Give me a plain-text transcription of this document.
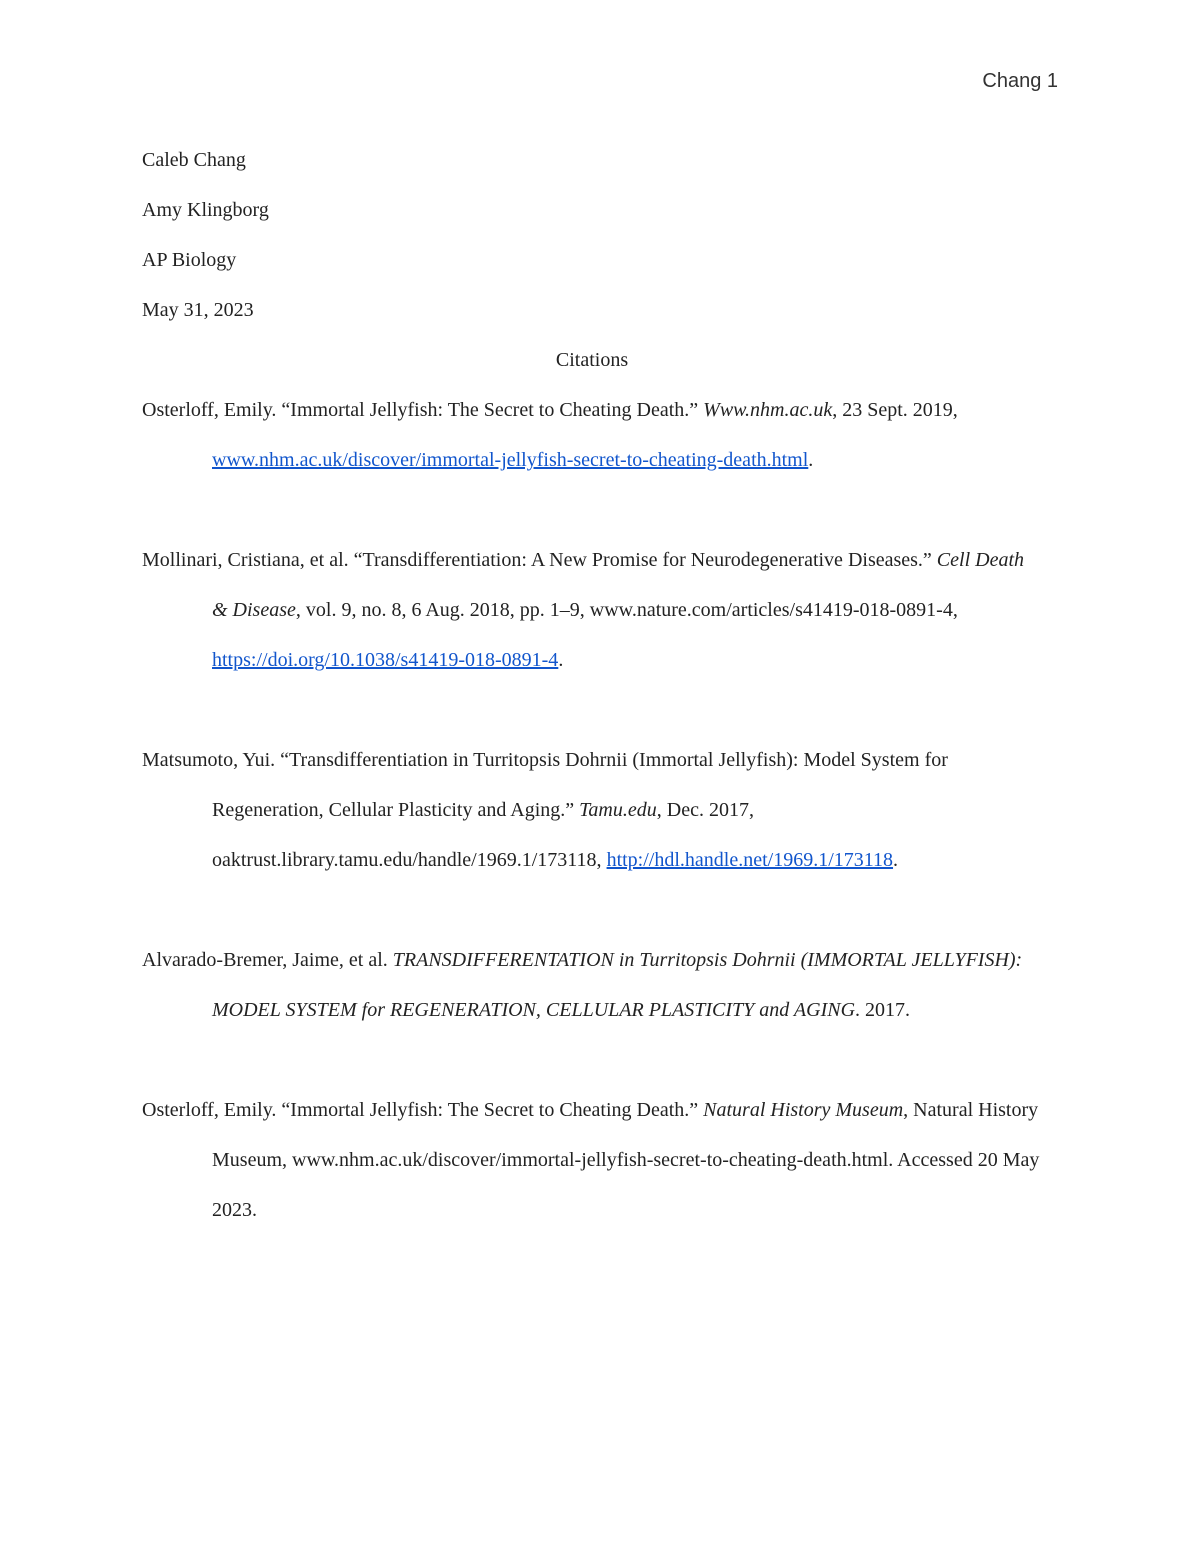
Chang 1

Caleb Chang

Amy Klingborg

AP Biology

May 31, 2023

Citations

Osterloff, Emily. “Immortal Jellyfish: The Secret to Cheating Death.” Www.nhm.ac.uk, 23 Sept. 2019, www.nhm.ac.uk/discover/immortal-jellyfish-secret-to-cheating-death.html.

Mollinari, Cristiana, et al. “Transdifferentiation: A New Promise for Neurodegenerative Diseases.” Cell Death & Disease, vol. 9, no. 8, 6 Aug. 2018, pp. 1–9, www.nature.com/articles/s41419-018-0891-4, https://doi.org/10.1038/s41419-018-0891-4.

Matsumoto, Yui. “Transdifferentiation in Turritopsis Dohrnii (Immortal Jellyfish): Model System for Regeneration, Cellular Plasticity and Aging.” Tamu.edu, Dec. 2017, oaktrust.library.tamu.edu/handle/1969.1/173118, http://hdl.handle.net/1969.1/173118.

Alvarado-Bremer, Jaime, et al. TRANSDIFFERENTATION in Turritopsis Dohrnii (IMMORTAL JELLYFISH): MODEL SYSTEM for REGENERATION, CELLULAR PLASTICITY and AGING. 2017.

Osterloff, Emily. “Immortal Jellyfish: The Secret to Cheating Death.” Natural History Museum, Natural History Museum, www.nhm.ac.uk/discover/immortal-jellyfish-secret-to-cheating-death.html. Accessed 20 May 2023.
